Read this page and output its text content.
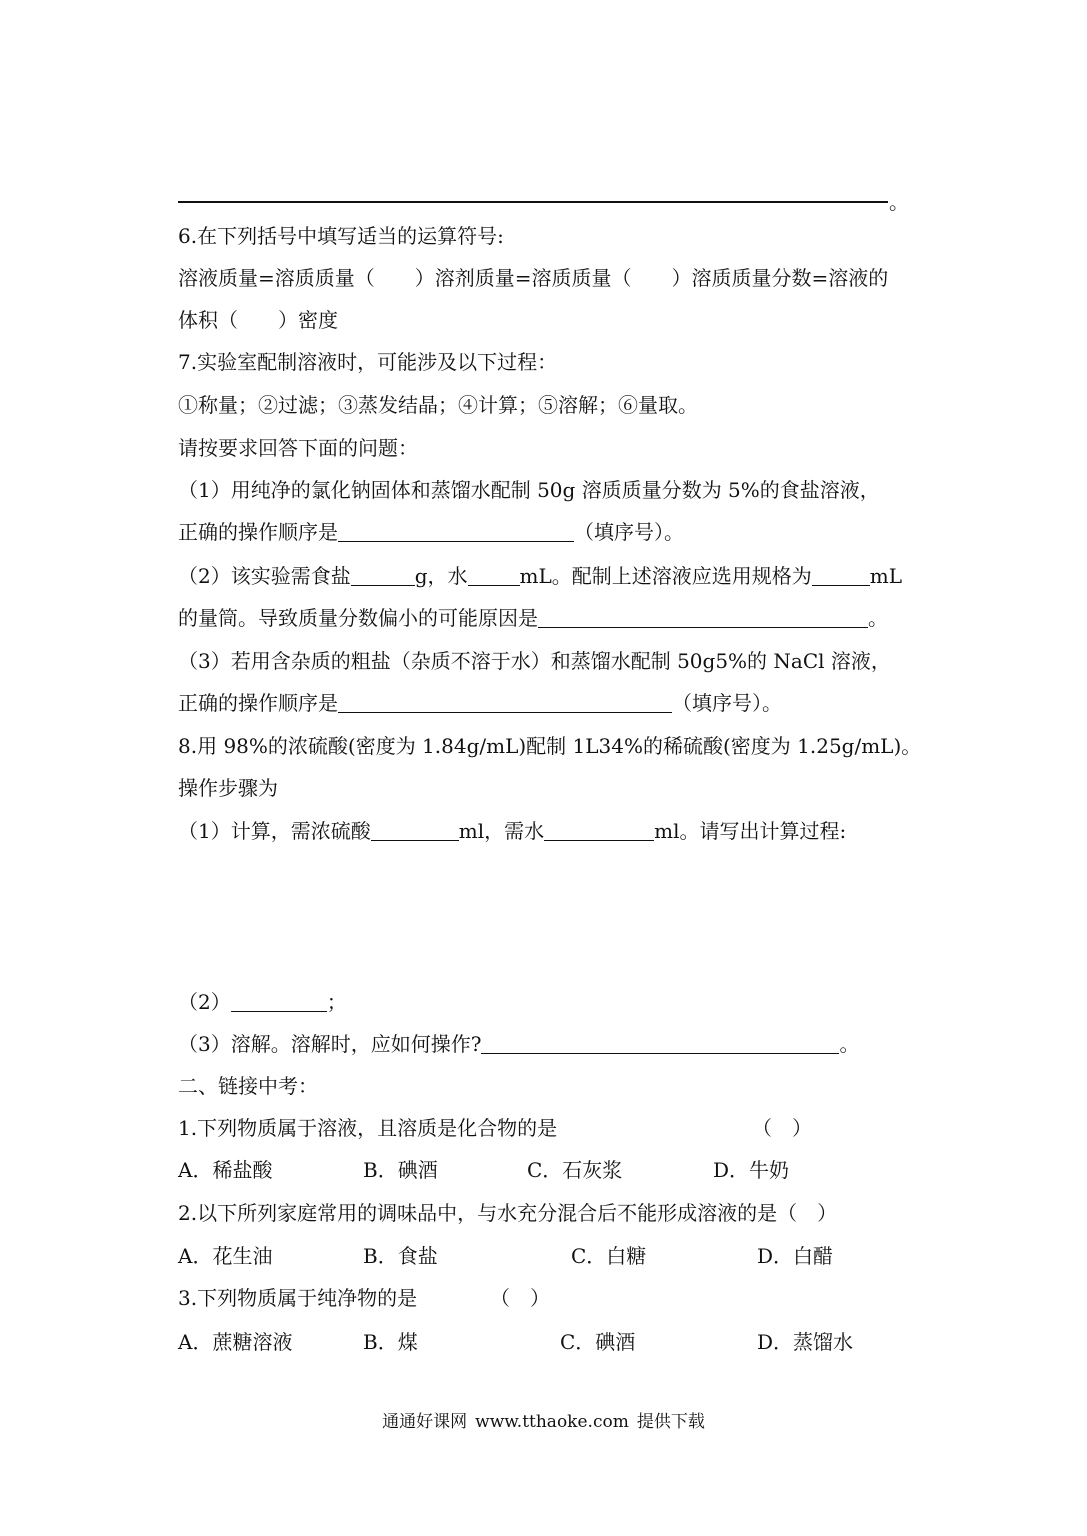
。
6.在下列括号中填写适当的运算符号:
溶液质量=溶质质量（　　）溶剂质量=溶质质量（　　）溶质质量分数=溶液的
体积（　　）密度
7.实验室配制溶液时，可能涉及以下过程：
①称量；②过滤；③蒸发结晶；④计算；⑤溶解；⑥量取。
请按要求回答下面的问题：
（1）用纯净的氯化钠固体和蒸馏水配制 50g 溶质质量分数为 5%的食盐溶液，
正确的操作顺序是	（填序号）。
（2）该实验需食盐	g，水	mL。配制上述溶液应选用规格为	mL
的量筒。导致质量分数偏小的可能原因是	。
（3）若用含杂质的粗盐（杂质不溶于水）和蒸馏水配制 50g5%的 NaCl 溶液，
正确的操作顺序是	（填序号）。
8.用 98%的浓硫酸(密度为 1.84g/mL)配制 1L34%的稀硫酸(密度为 1.25g/mL)。
操作步骤为
（1）计算，需浓硫酸	ml，需水	ml。请写出计算过程:
（2）	；
（3）溶解。溶解时，应如何操作?	。
二、链接中考：
1.下列物质属于溶液，且溶质是化合物的是	（　）
A．稀盐酸	B．碘酒	C．石灰浆	D．牛奶
2.以下所列家庭常用的调味品中，与水充分混合后不能形成溶液的是（　）
A．花生油	B．食盐	C．白糖	D．白醋
3.下列物质属于纯净物的是	（　）
A．蔗糖溶液	B．煤	C．碘酒	D．蒸馏水
通通好课网 www.tthaoke.com 提供下载
